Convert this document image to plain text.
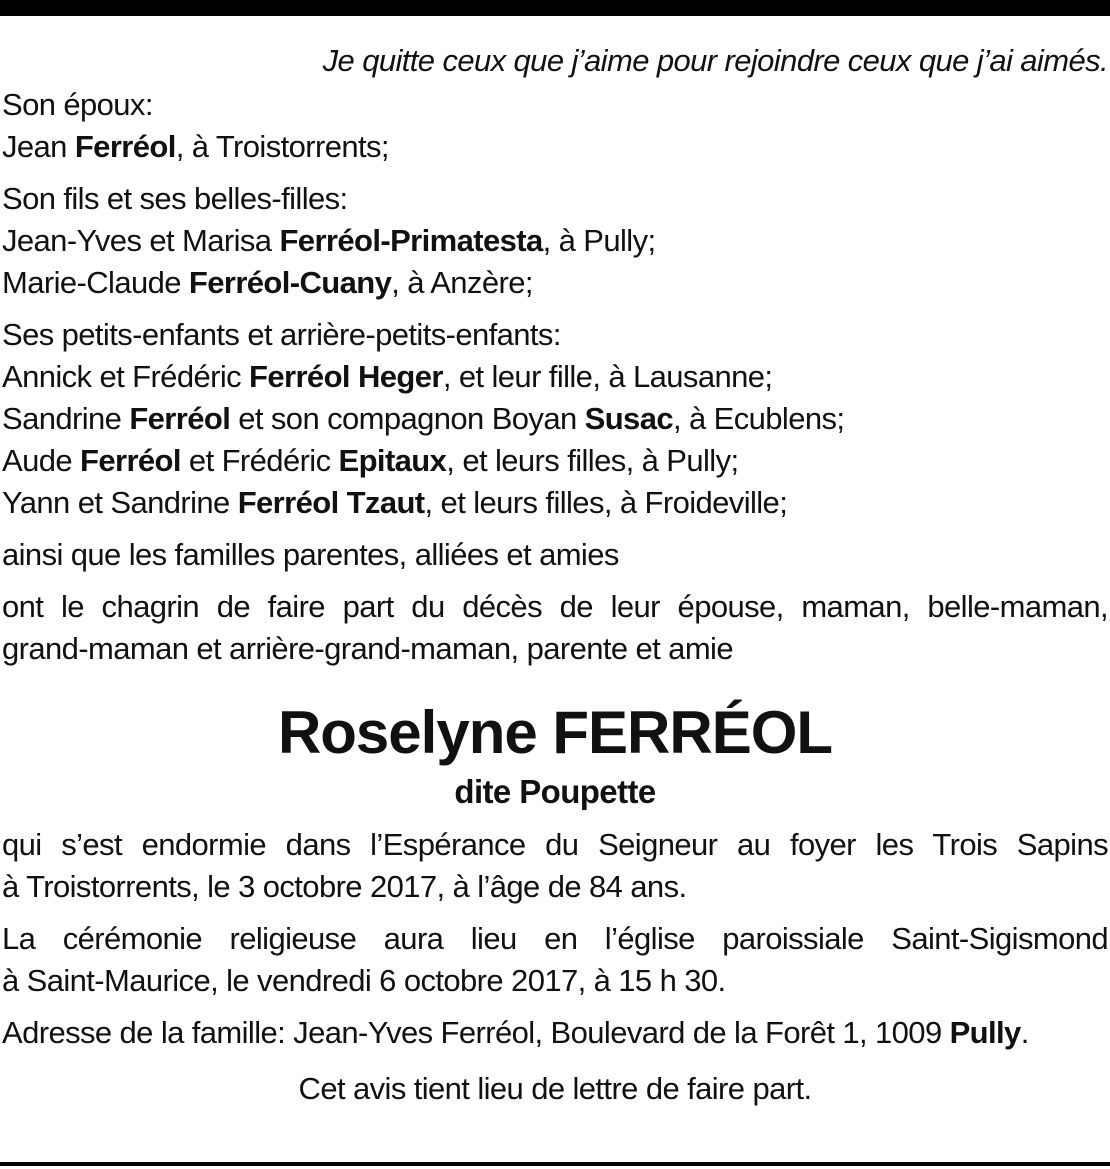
Je quitte ceux que j’aime pour rejoindre ceux que j’ai aimés.
Son époux:
Jean Ferréol, à Troistorrents;
Son fils et ses belles-filles:
Jean-Yves et Marisa Ferréol-Primatesta, à Pully;
Marie-Claude Ferréol-Cuany, à Anzère;
Ses petits-enfants et arrière-petits-enfants:
Annick et Frédéric Ferréol Heger, et leur fille, à Lausanne;
Sandrine Ferréol et son compagnon Boyan Susac, à Ecublens;
Aude Ferréol et Frédéric Epitaux, et leurs filles, à Pully;
Yann et Sandrine Ferréol Tzaut, et leurs filles, à Froideville;
ainsi que les familles parentes, alliées et amies
ont le chagrin de faire part du décès de leur épouse, maman, belle-maman,
grand-maman et arrière-grand-maman, parente et amie
Roselyne FERRÉOL
dite Poupette
qui s’est endormie dans l’Espérance du Seigneur au foyer les Trois Sapins
à Troistorrents, le 3 octobre 2017, à l’âge de 84 ans.
La cérémonie religieuse aura lieu en l’église paroissiale Saint-Sigismond
à Saint-Maurice, le vendredi 6 octobre 2017, à 15 h 30.
Adresse de la famille: Jean-Yves Ferréol, Boulevard de la Forêt 1, 1009 Pully.
Cet avis tient lieu de lettre de faire part.
